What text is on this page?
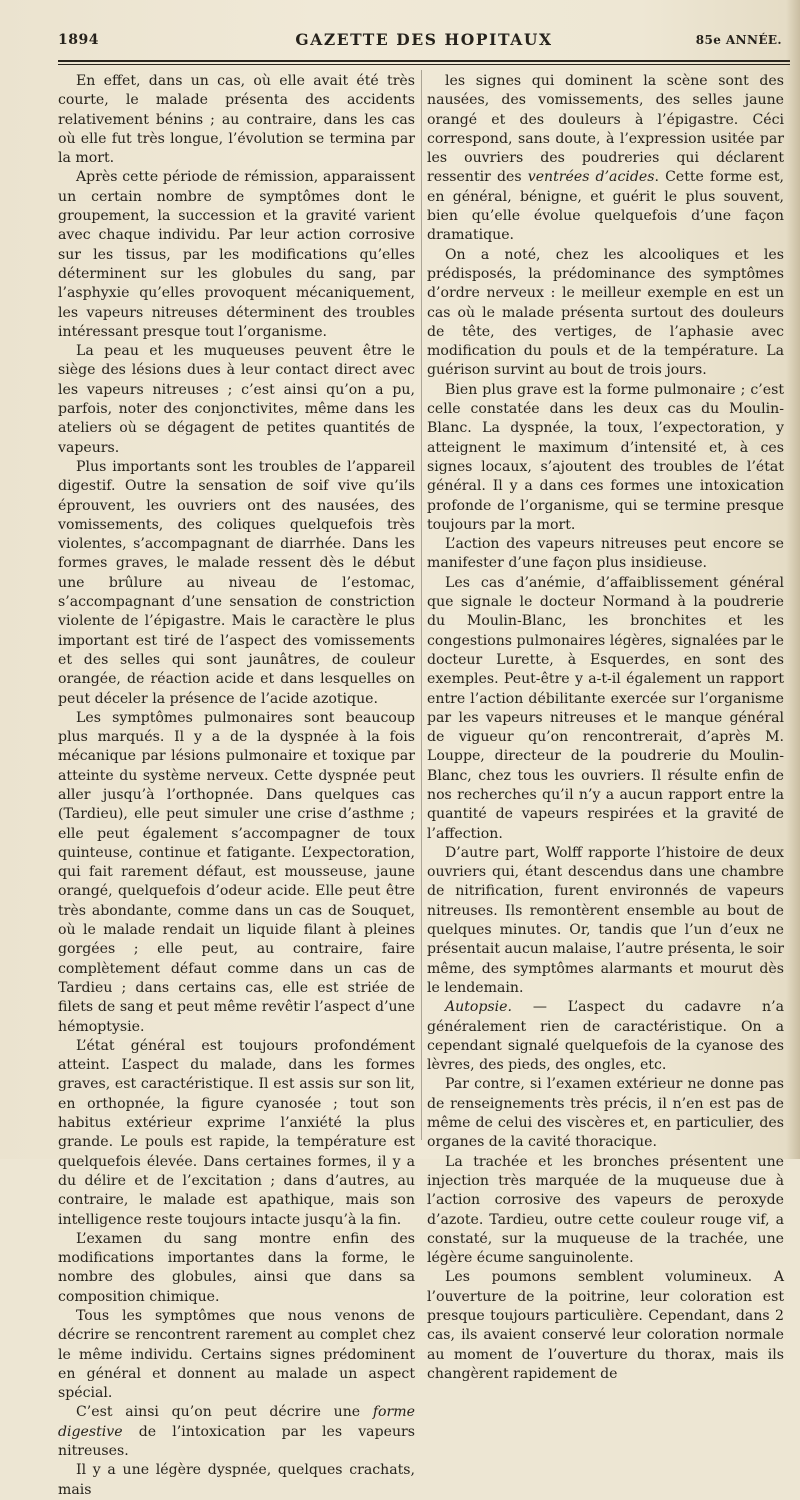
1894	GAZETTE DES HOPITAUX	85e ANNÉE.

En effet, dans un cas, où elle avait été très courte, le malade présenta des accidents relativement bénins ; au contraire, dans les cas où elle fut très longue, l’évolution se termina par la mort.

Après cette période de rémission, apparaissent un certain nombre de symptômes dont le groupement, la succession et la gravité varient avec chaque individu. Par leur action corrosive sur les tissus, par les modifications qu’elles déterminent sur les globules du sang, par l’asphyxie qu’elles provoquent mécaniquement, les vapeurs nitreuses déterminent des troubles intéressant presque tout l’organisme.

La peau et les muqueuses peuvent être le siège des lésions dues à leur contact direct avec les vapeurs nitreuses ; c’est ainsi qu’on a pu, parfois, noter des conjonctivites, même dans les ateliers où se dégagent de petites quantités de vapeurs.

Plus importants sont les troubles de l’appareil digestif. Outre la sensation de soif vive qu’ils éprouvent, les ouvriers ont des nausées, des vomissements, des coliques quelquefois très violentes, s’accompagnant de diarrhée. Dans les formes graves, le malade ressent dès le début une brûlure au niveau de l’estomac, s’accompagnant d’une sensation de constriction violente de l’épigastre. Mais le caractère le plus important est tiré de l’aspect des vomissements et des selles qui sont jaunâtres, de couleur orangée, de réaction acide et dans lesquelles on peut déceler la présence de l’acide azotique.

Les symptômes pulmonaires sont beaucoup plus marqués. Il y a de la dyspnée à la fois mécanique par lésions pulmonaire et toxique par atteinte du système nerveux. Cette dyspnée peut aller jusqu’à l’orthopnée. Dans quelques cas (Tardieu), elle peut simuler une crise d’asthme ; elle peut également s’accompagner de toux quinteuse, continue et fatigante. L’expectoration, qui fait rarement défaut, est mousseuse, jaune orangé, quelquefois d’odeur acide. Elle peut être très abondante, comme dans un cas de Souquet, où le malade rendait un liquide filant à pleines gorgées ; elle peut, au contraire, faire complètement défaut comme dans un cas de Tardieu ; dans certains cas, elle est striée de filets de sang et peut même revêtir l’aspect d’une hémoptysie.

L’état général est toujours profondément atteint. L’aspect du malade, dans les formes graves, est caractéristique. Il est assis sur son lit, en orthopnée, la figure cyanosée ; tout son habitus extérieur exprime l’anxiété la plus grande. Le pouls est rapide, la température est quelquefois élevée. Dans certaines formes, il y a du délire et de l’excitation ; dans d’autres, au contraire, le malade est apathique, mais son intelligence reste toujours intacte jusqu’à la fin.

L’examen du sang montre enfin des modifications importantes dans la forme, le nombre des globules, ainsi que dans sa composition chimique.

Tous les symptômes que nous venons de décrire se rencontrent rarement au complet chez le même individu. Certains signes prédominent en général et donnent au malade un aspect spécial.

C’est ainsi qu’on peut décrire une forme digestive de l’intoxication par les vapeurs nitreuses.

Il y a une légère dyspnée, quelques crachats, mais

les signes qui dominent la scène sont des nausées, des vomissements, des selles jaune orangé et des douleurs à l’épigastre. Céci correspond, sans doute, à l’expression usitée par les ouvriers des poudreries qui déclarent ressentir des ventrées d’acides. Cette forme est, en général, bénigne, et guérit le plus souvent, bien qu’elle évolue quelquefois d’une façon dramatique.

On a noté, chez les alcooliques et les prédisposés, la prédominance des symptômes d’ordre nerveux : le meilleur exemple en est un cas où le malade présenta surtout des douleurs de tête, des vertiges, de l’aphasie avec modification du pouls et de la température. La guérison survint au bout de trois jours.

Bien plus grave est la forme pulmonaire ; c’est celle constatée dans les deux cas du Moulin-Blanc. La dyspnée, la toux, l’expectoration, y atteignent le maximum d’intensité et, à ces signes locaux, s’ajoutent des troubles de l’état général. Il y a dans ces formes une intoxication profonde de l’organisme, qui se termine presque toujours par la mort.

L’action des vapeurs nitreuses peut encore se manifester d’une façon plus insidieuse.

Les cas d’anémie, d’affaiblissement général que signale le docteur Normand à la poudrerie du Moulin-Blanc, les bronchites et les congestions pulmonaires légères, signalées par le docteur Lurette, à Esquerdes, en sont des exemples. Peut-être y a-t-il également un rapport entre l’action débilitante exercée sur l’organisme par les vapeurs nitreuses et le manque général de vigueur qu’on rencontrerait, d’après M. Louppe, directeur de la poudrerie du Moulin-Blanc, chez tous les ouvriers. Il résulte enfin de nos recherches qu’il n’y a aucun rapport entre la quantité de vapeurs respirées et la gravité de l’affection.

D’autre part, Wolff rapporte l’histoire de deux ouvriers qui, étant descendus dans une chambre de nitrification, furent environnés de vapeurs nitreuses. Ils remontèrent ensemble au bout de quelques minutes. Or, tandis que l’un d’eux ne présentait aucun malaise, l’autre présenta, le soir même, des symptômes alarmants et mourut dès le lendemain.

Autopsie. — L’aspect du cadavre n’a généralement rien de caractéristique. On a cependant signalé quelquefois de la cyanose des lèvres, des pieds, des ongles, etc.

Par contre, si l’examen extérieur ne donne pas de renseignements très précis, il n’en est pas de même de celui des viscères et, en particulier, des organes de la cavité thoracique.

La trachée et les bronches présentent une injection très marquée de la muqueuse due à l’action corrosive des vapeurs de peroxyde d’azote. Tardieu, outre cette couleur rouge vif, a constaté, sur la muqueuse de la trachée, une légère écume sanguinolente.

Les poumons semblent volumineux. A l’ouverture de la poitrine, leur coloration est presque toujours particulière. Cependant, dans 2 cas, ils avaient conservé leur coloration normale au moment de l’ouverture du thorax, mais ils changèrent rapidement de
